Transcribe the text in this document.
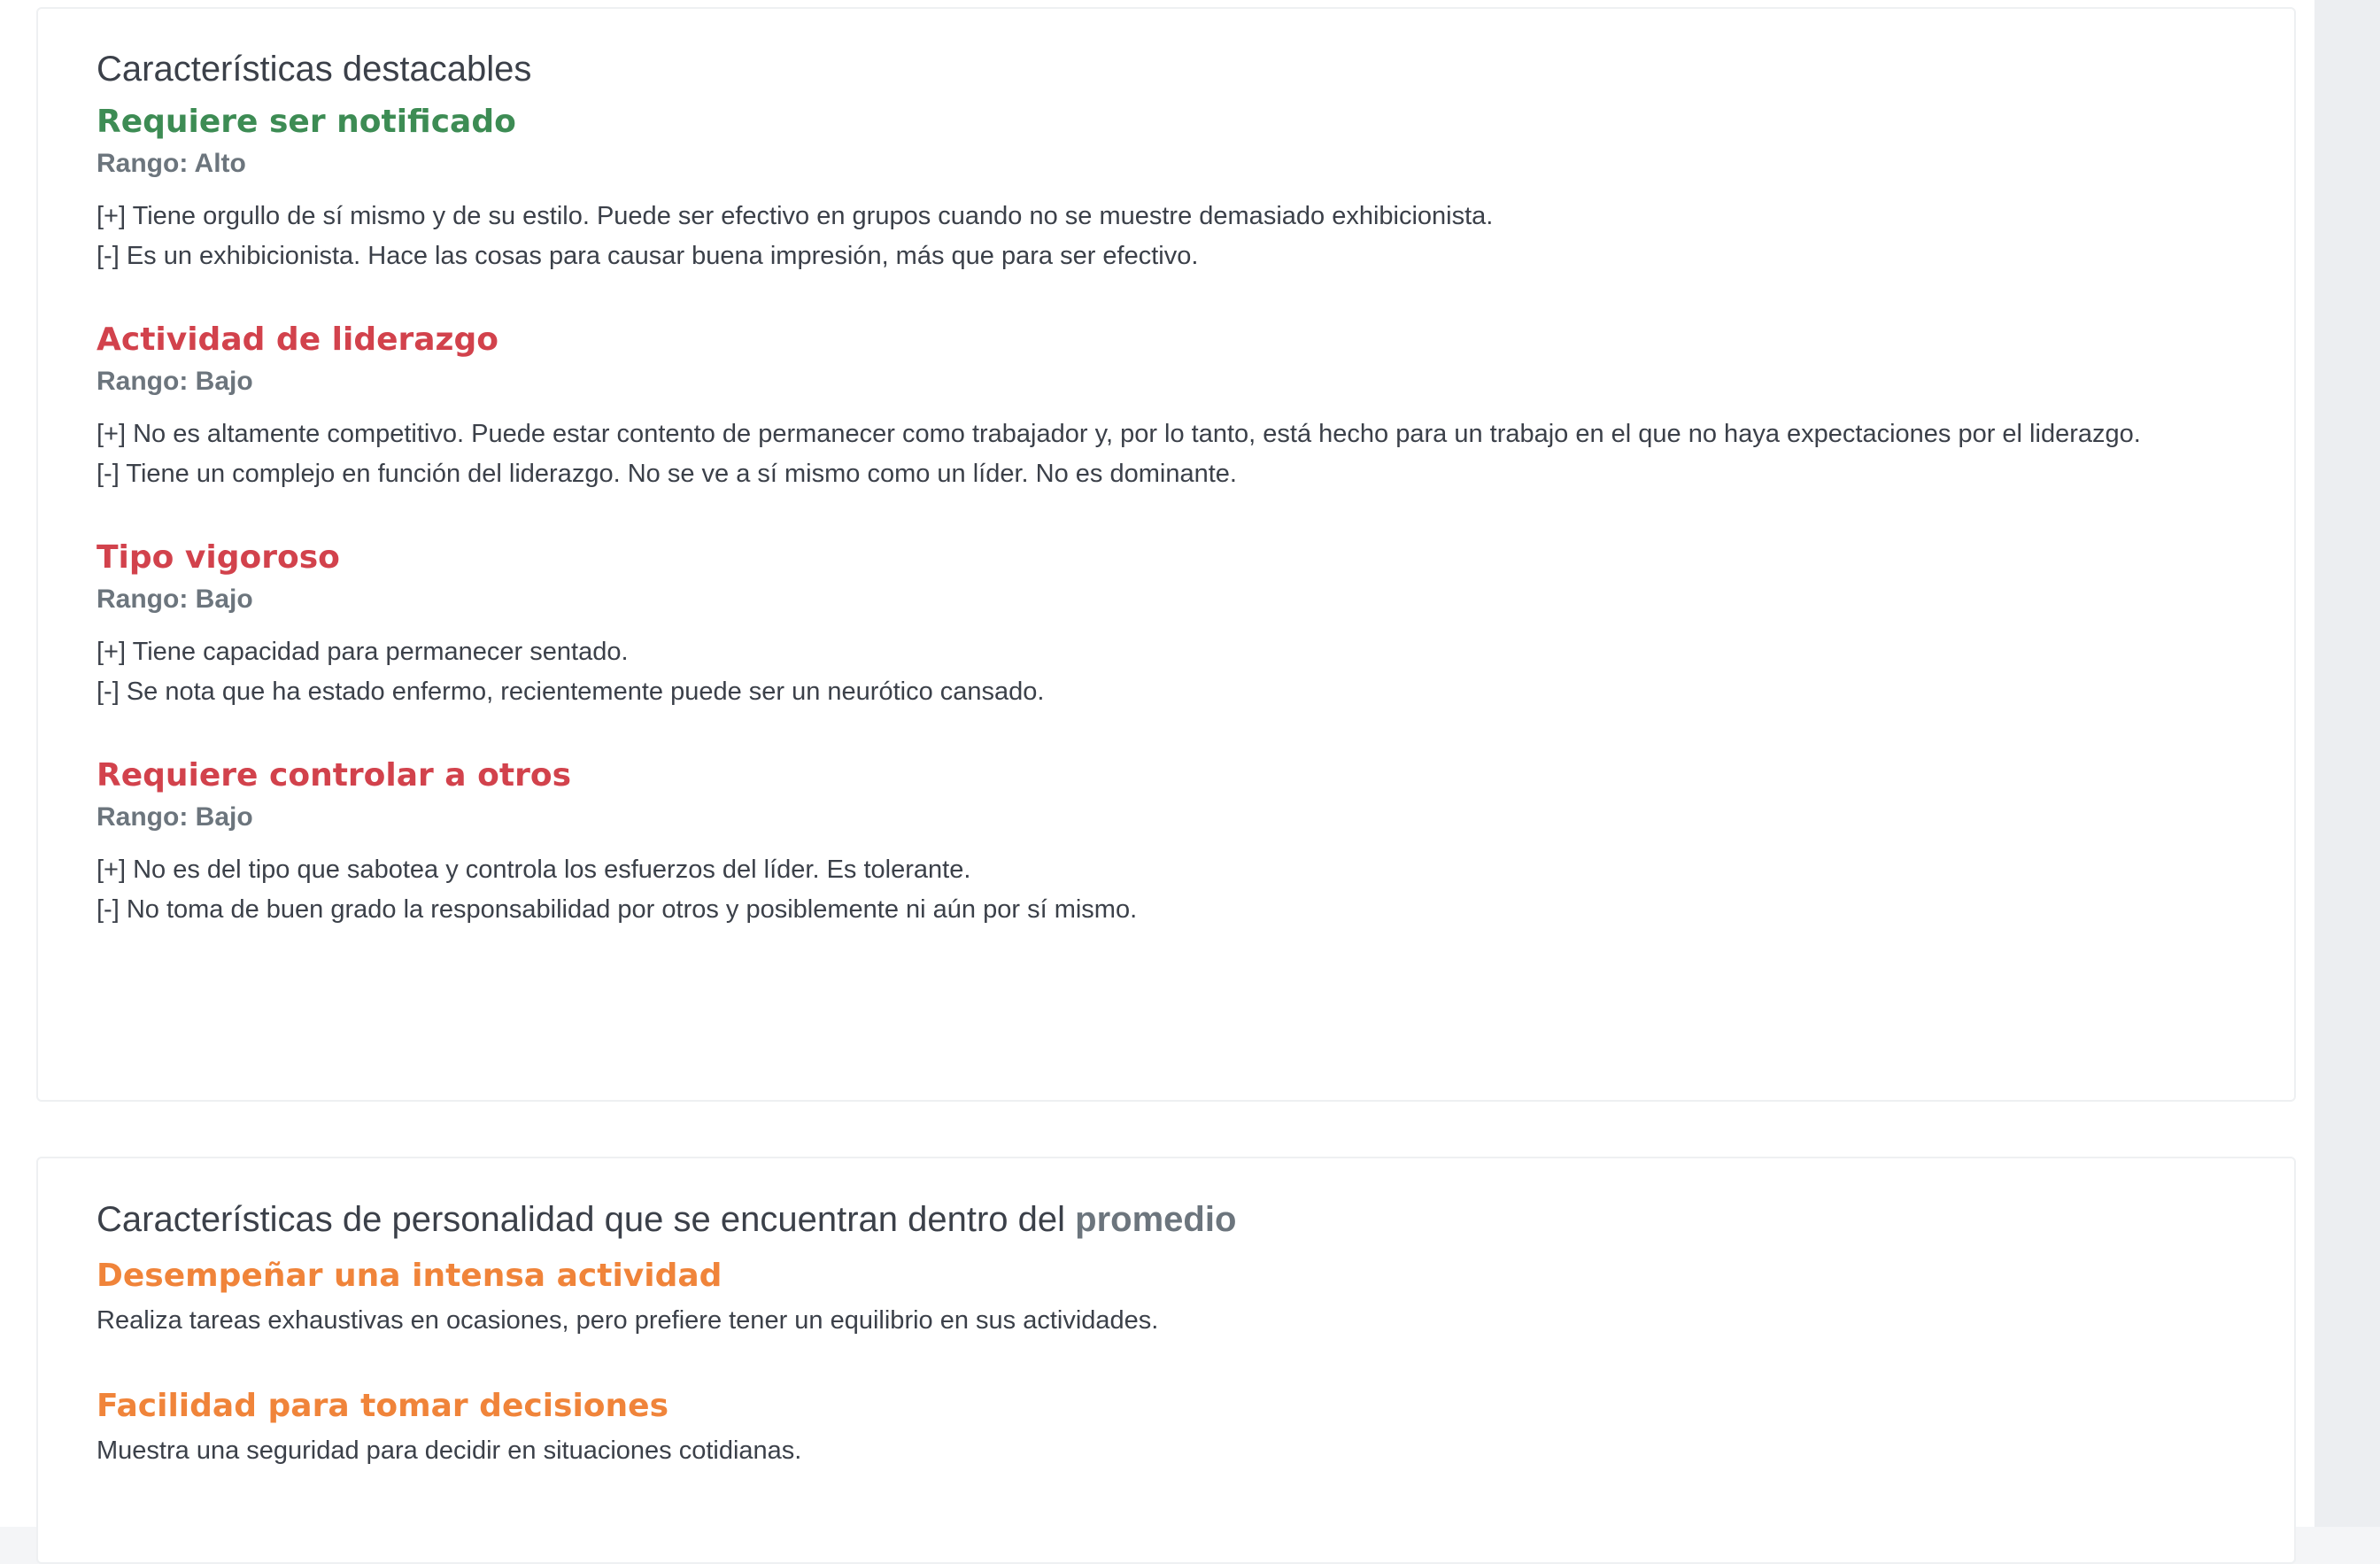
Características destacables
Requiere ser notificado
Rango: Alto

[+] Tiene orgullo de sí mismo y de su estilo. Puede ser efectivo en grupos cuando no se muestre demasiado exhibicionista.

[-] Es un exhibicionista. Hace las cosas para causar buena impresión, más que para ser efectivo.

Actividad de liderazgo
Rango: Bajo

[+] No es altamente competitivo. Puede estar contento de permanecer como trabajador y, por lo tanto, está hecho para un trabajo en el que no haya expectaciones por el liderazgo.

[-] Tiene un complejo en función del liderazgo. No se ve a sí mismo como un líder. No es dominante.

Tipo vigoroso
Rango: Bajo

[+] Tiene capacidad para permanecer sentado.

[-] Se nota que ha estado enfermo, recientemente puede ser un neurótico cansado.

Requiere controlar a otros
Rango: Bajo

[+] No es del tipo que sabotea y controla los esfuerzos del líder. Es tolerante.

[-] No toma de buen grado la responsabilidad por otros y posiblemente ni aún por sí mismo.

Características de personalidad que se encuentran dentro del promedio
Desempeñar una intensa actividad
Realiza tareas exhaustivas en ocasiones, pero prefiere tener un equilibrio en sus actividades.
Facilidad para tomar decisiones
Muestra una seguridad para decidir en situaciones cotidianas.
